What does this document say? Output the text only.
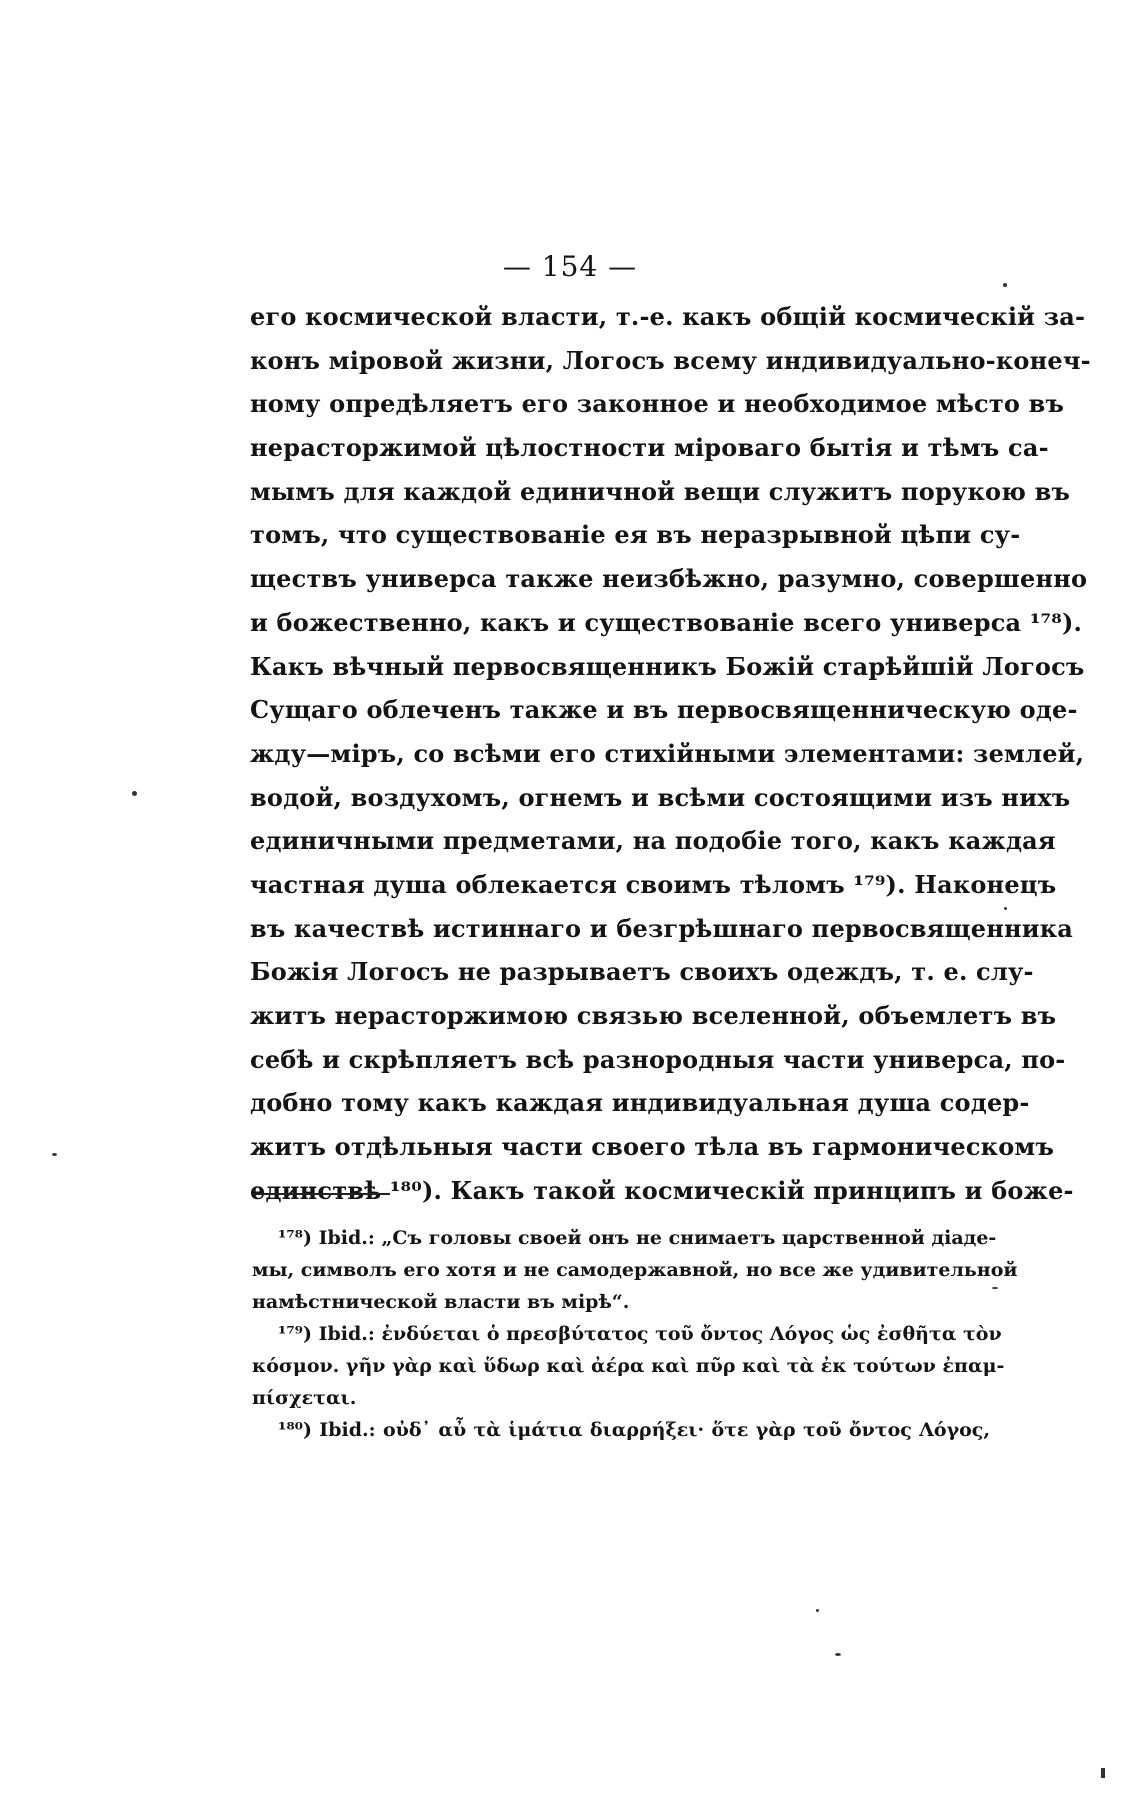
— 154 —
его космической власти, т.-е. какъ общій космическій за-
конъ міровой жизни, Логосъ всему индивидуально-конеч-
ному опредѣляетъ его законное и необходимое мѣсто въ
нерасторжимой цѣлостности міроваго бытія и тѣмъ са-
мымъ для каждой единичной вещи служитъ порукою въ
томъ, что существованіе ея въ неразрывной цѣпи су-
ществъ универса также неизбѣжно, разумно, совершенно
и божественно, какъ и существованіе всего универса ¹⁷⁸).
Какъ вѣчный первосвященникъ Божій старѣйшій Логосъ
Сущаго облеченъ также и въ первосвященническую оде-
жду—міръ, со всѣми его стихійными элементами: землей,
водой, воздухомъ, огнемъ и всѣми состоящими изъ нихъ
единичными предметами, на подобіе того, какъ каждая
частная душа облекается своимъ тѣломъ ¹⁷⁹). Наконецъ
въ качествѣ истиннаго и безгрѣшнаго первосвященника
Божія Логосъ не разрываетъ своихъ одеждъ, т. е. слу-
житъ нерасторжимою связью вселенной, объемлетъ въ
себѣ и скрѣпляетъ всѣ разнородныя части универса, по-
добно тому какъ каждая индивидуальная душа содер-
житъ отдѣльныя части своего тѣла въ гармоническомъ
единствѣ ¹⁸⁰). Какъ такой космическій принципъ и боже-
¹⁷⁸) Ibid.: „Съ головы своей онъ не снимаетъ царственной діаде-
мы, символъ его хотя и не самодержавной, но все же удивительной
намѣстнической власти въ мірѣ“.
¹⁷⁹) Ibid.: ἐνδύεται ὁ πρεσβύτατος τοῦ ὄντος Λόγος ὡς ἐσθῆτα τὸν
κόσμον. γῆν γὰρ καὶ ὕδωρ καὶ ἀέρα καὶ πῦρ καὶ τὰ ἐκ τούτων ἐπαμ-
πίσχεται.
¹⁸⁰) Ibid.: οὐδ᾽ αὖ τὰ ἱμάτια διαρρήξει· ὅτε γὰρ τοῦ ὄντος Λόγος,
